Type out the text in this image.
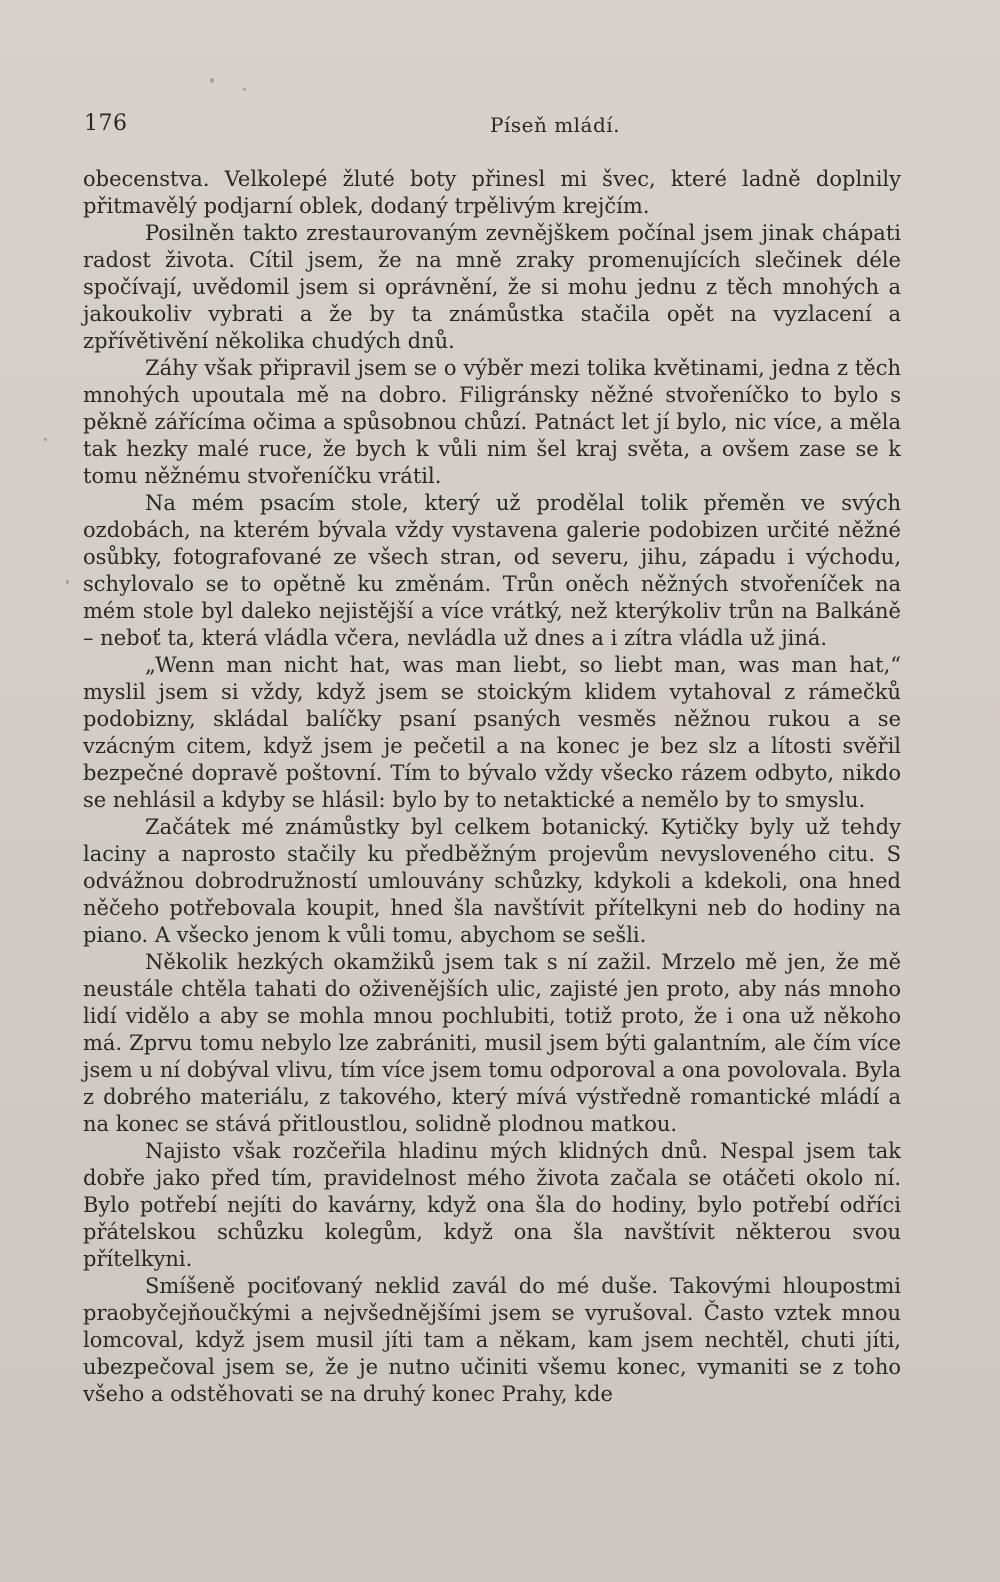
176	Píseň mládí.

obecenstva. Velkolepé žluté boty přinesl mi švec, které ladně doplnily přitmavělý podjarní oblek, dodaný trpělivým krejčím.

Posilněn takto zrestaurovaným zevnějškem počínal jsem jinak chápati radost života. Cítil jsem, že na mně zraky promenujících slečinek déle spočívají, uvědomil jsem si oprávnění, že si mohu jednu z těch mnohých a jakoukoliv vybrati a že by ta známůstka stačila opět na vyzlacení a zpřívětivění několika chudých dnů.

Záhy však připravil jsem se o výběr mezi tolika květinami, jedna z těch mnohých upoutala mě na dobro. Filigránsky něžné stvořeníčko to bylo s pěkně zářícíma očima a spůsobnou chůzí. Patnáct let jí bylo, nic více, a měla tak hezky malé ruce, že bych k vůli nim šel kraj světa, a ovšem zase se k tomu něžnému stvořeníčku vrátil.

Na mém psacím stole, který už prodělal tolik přeměn ve svých ozdobách, na kterém bývala vždy vystavena galerie podobizen určité něžné osůbky, fotografované ze všech stran, od severu, jihu, západu i východu, schylovalo se to opětně ku změnám. Trůn oněch něžných stvořeníček na mém stole byl daleko nejistější a více vrátký, než kterýkoliv trůn na Balkáně – neboť ta, která vládla včera, nevládla už dnes a i zítra vládla už jiná.

„Wenn man nicht hat, was man liebt, so liebt man, was man hat,“ myslil jsem si vždy, když jsem se stoickým klidem vytahoval z rámečků podobizny, skládal balíčky psaní psaných vesměs něžnou rukou a se vzácným citem, když jsem je pečetil a na konec je bez slz a lítosti svěřil bezpečné dopravě poštovní. Tím to bývalo vždy všecko rázem odbyto, nikdo se nehlásil a kdyby se hlásil: bylo by to netaktické a nemělo by to smyslu.

Začátek mé známůstky byl celkem botanický. Kytičky byly už tehdy laciny a naprosto stačily ku předběžným projevům nevysloveného citu. S odvážnou dobrodružností umlouvány schůzky, kdykoli a kdekoli, ona hned něčeho potřebovala koupit, hned šla navštívit přítelkyni neb do hodiny na piano. A všecko jenom k vůli tomu, abychom se sešli.

Několik hezkých okamžiků jsem tak s ní zažil. Mrzelo mě jen, že mě neustále chtěla tahati do oživenějších ulic, zajisté jen proto, aby nás mnoho lidí vidělo a aby se mohla mnou pochlubiti, totiž proto, že i ona už někoho má. Zprvu tomu nebylo lze zabrániti, musil jsem býti galantním, ale čím více jsem u ní dobýval vlivu, tím více jsem tomu odporoval a ona povolovala. Byla z dobrého materiálu, z takového, který mívá výstředně romantické mládí a na konec se stává přitloustlou, solidně plodnou matkou.

Najisto však rozčeřila hladinu mých klidných dnů. Nespal jsem tak dobře jako před tím, pravidelnost mého života začala se otáčeti okolo ní. Bylo potřebí nejíti do kavárny, když ona šla do hodiny, bylo potřebí odříci přátelskou schůzku kolegům, když ona šla navštívit některou svou přítelkyni.

Smíšeně pociťovaný neklid zavál do mé duše. Takovými hloupostmi praobyčejňoučkými a nejvšednějšími jsem se vyrušoval. Často vztek mnou lomcoval, když jsem musil jíti tam a někam, kam jsem nechtěl, chuti jíti, ubezpečoval jsem se, že je nutno učiniti všemu konec, vymaniti se z toho všeho a odstěhovati se na druhý konec Prahy, kde
